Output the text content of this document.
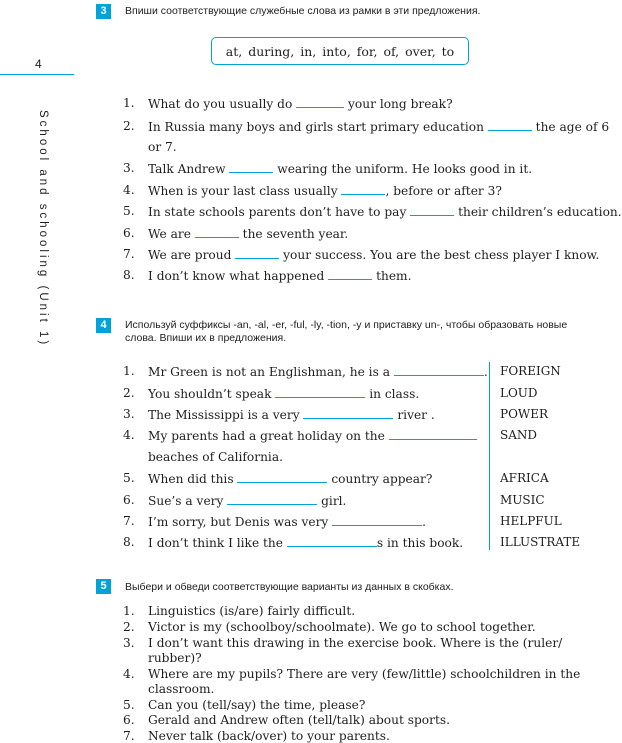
4
School and schooling (Unit 1)
3	Впиши соответствующие служебные слова из рамки в эти предложения.
at, during, in, into, for, of, over, to
1. What do you usually do	your long break?
2. In Russia many boys and girls start primary education	the age of 6
or 7.
3. Talk Andrew	wearing the uniform. He looks good in it.
4. When is your last class usually	, before or after 3?
5. In state schools parents don’t have to pay	their children’s education.
6. We are	the seventh year.
7. We are proud	your success. You are the best chess player I know.
8. I don’t know what happened	them.
4	Используй суффиксы -an, -al, -er, -ful, -ly, -tion, -y и приставку un-, чтобы образовать новые
слова. Впиши их в предложения.
1. Mr Green is not an Englishman, he is a	. FOREIGN
2. You shouldn’t speak	in class.	LOUD
3. The Mississippi is a very	river .	POWER
4. My parents had a great holiday on the	SAND
beaches of California.
5. When did this	country appear?	AFRICA
6. Sue’s a very	girl.	MUSIC
7. I’m sorry, but Denis was very	.	HELPFUL
8. I don’t think I like the	s in this book.	ILLUSTRATE
5	Выбери и обведи соответствующие варианты из данных в скобках.
1. Linguistics (is/are) fairly difficult.
2. Victor is my (schoolboy/schoolmate). We go to school together.
3. I don’t want this drawing in the exercise book. Where is the (ruler/
rubber)?
4. Where are my pupils? There are very (few/little) schoolchildren in the
classroom.
5. Can you (tell/say) the time, please?
6. Gerald and Andrew often (tell/talk) about sports.
7. Never talk (back/over) to your parents.
